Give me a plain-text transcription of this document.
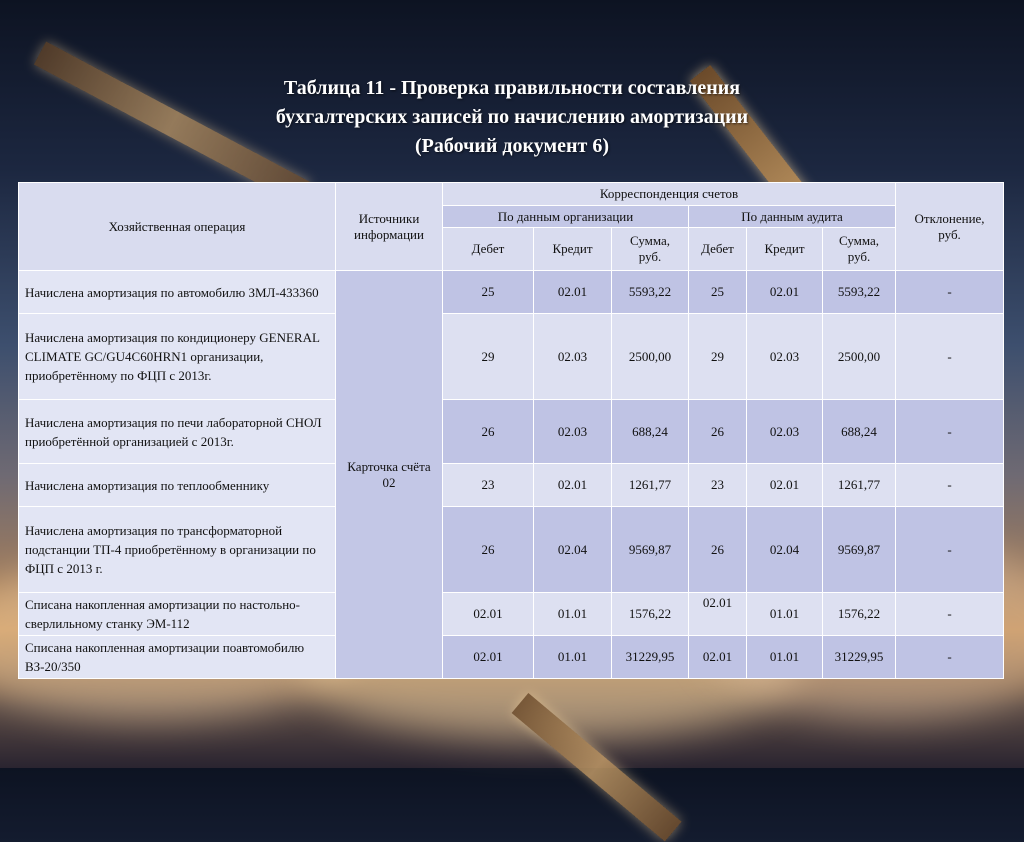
Таблица 11 - Проверка правильности составления
бухгалтерских записей по начислению амортизации
(Рабочий документ 6)
Хозяйственная операция	Источники информации	Корреспонденция счетов						Отклонение, руб.
		По данным организации			По данным аудита			
		Дебет	Кредит	Сумма, руб.	Дебет	Кредит	Сумма, руб.	
Начислена амортизация по автомобилю ЗМЛ-433360	Карточка счёта 02	25	02.01	5593,22	25	02.01	5593,22	-
Начислена амортизация по кондиционеру GENERAL CLIMATE GC/GU4C60HRN1 организации, приобретённому по ФЦП с 2013г.		29	02.03	2500,00	29	02.03	2500,00	-
Начислена амортизация по печи лабораторной СНОЛ приобретённой организацией с 2013г.		26	02.03	688,24	26	02.03	688,24	-
Начислена амортизация по теплообменнику		23	02.01	1261,77	23	02.01	1261,77	-
Начислена амортизация по трансформаторной подстанции ТП-4 приобретённому в организации по ФЦП с 2013 г.		26	02.04	9569,87	26	02.04	9569,87	-
Списана накопленная амортизации по настольно-сверлильному станку ЭМ-112		02.01	01.01	1576,22	02.01	01.01	1576,22	-
Списана накопленная амортизации поавтомобилю ВЗ-20/350		02.01	01.01	31229,95	02.01	01.01	31229,95	-
